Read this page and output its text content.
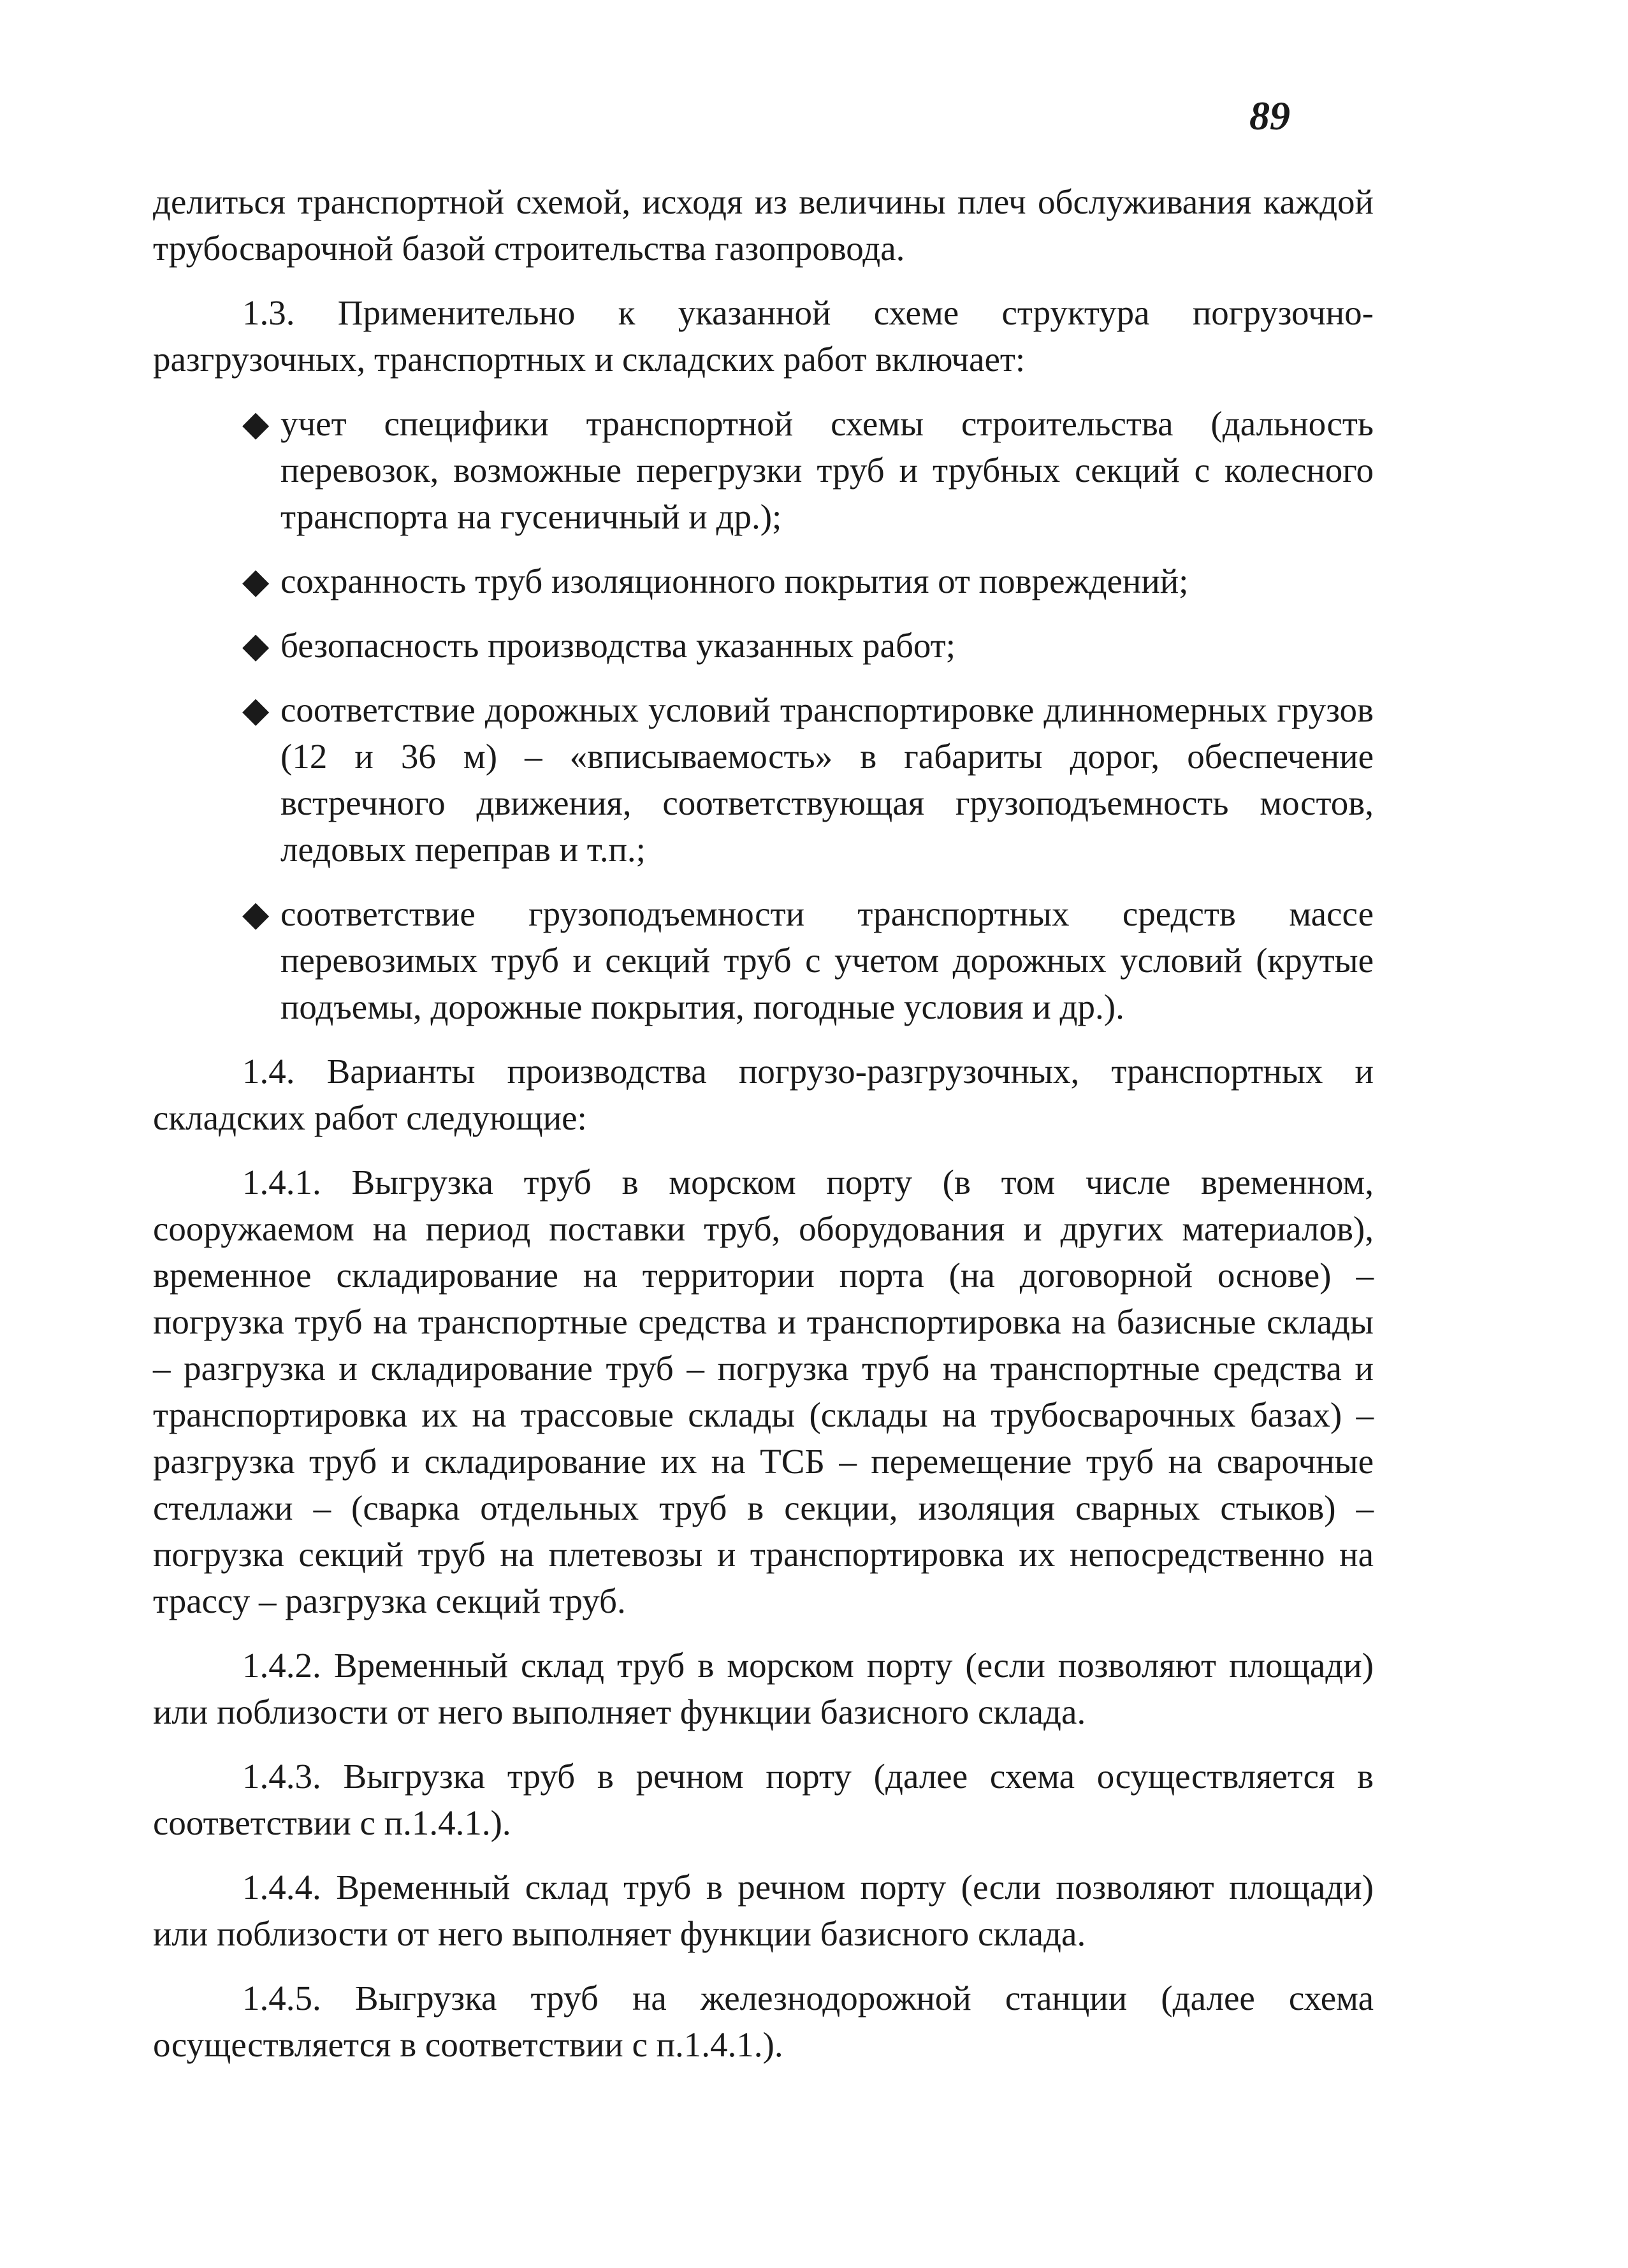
89

делиться транспортной схемой, исходя из величины плеч обслуживания каждой трубосварочной базой строительства газопровода.

1.3. Применительно к указанной схеме структура погрузочно-разгрузочных, транспортных и складских работ включает:

◆ учет специфики транспортной схемы строительства (дальность перевозок, возможные перегрузки труб и трубных секций с колесного транспорта на гусеничный и др.);
◆ сохранность труб изоляционного покрытия от повреждений;
◆ безопасность производства указанных работ;
◆ соответствие дорожных условий транспортировке длинномерных грузов (12 и 36 м) – «вписываемость» в габариты дорог, обеспечение встречного движения, соответствующая грузоподъемность мостов, ледовых переправ и т.п.;
◆ соответствие грузоподъемности транспортных средств массе перевозимых труб и секций труб с учетом дорожных условий (крутые подъемы, дорожные покрытия, погодные условия и др.).

1.4. Варианты производства погрузо-разгрузочных, транспортных и складских работ следующие:

1.4.1. Выгрузка труб в морском порту (в том числе временном, сооружаемом на период поставки труб, оборудования и других материалов), временное складирование на территории порта (на договорной основе) – погрузка труб на транспортные средства и транспортировка на базисные склады – разгрузка и складирование труб – погрузка труб на транспортные средства и транспортировка их на трассовые склады (склады на трубосварочных базах) – разгрузка труб и складирование их на ТСБ – перемещение труб на сварочные стеллажи – (сварка отдельных труб в секции, изоляция сварных стыков) – погрузка секций труб на плетевозы и транспортировка их непосредственно на трассу – разгрузка секций труб.

1.4.2. Временный склад труб в морском порту (если позволяют площади) или поблизости от него выполняет функции базисного склада.

1.4.3. Выгрузка труб в речном порту (далее схема осуществляется в соответствии с п.1.4.1.).

1.4.4. Временный склад труб в речном порту (если позволяют площади) или поблизости от него выполняет функции базисного склада.

1.4.5. Выгрузка труб на железнодорожной станции (далее схема осуществляется в соответствии с п.1.4.1.).
